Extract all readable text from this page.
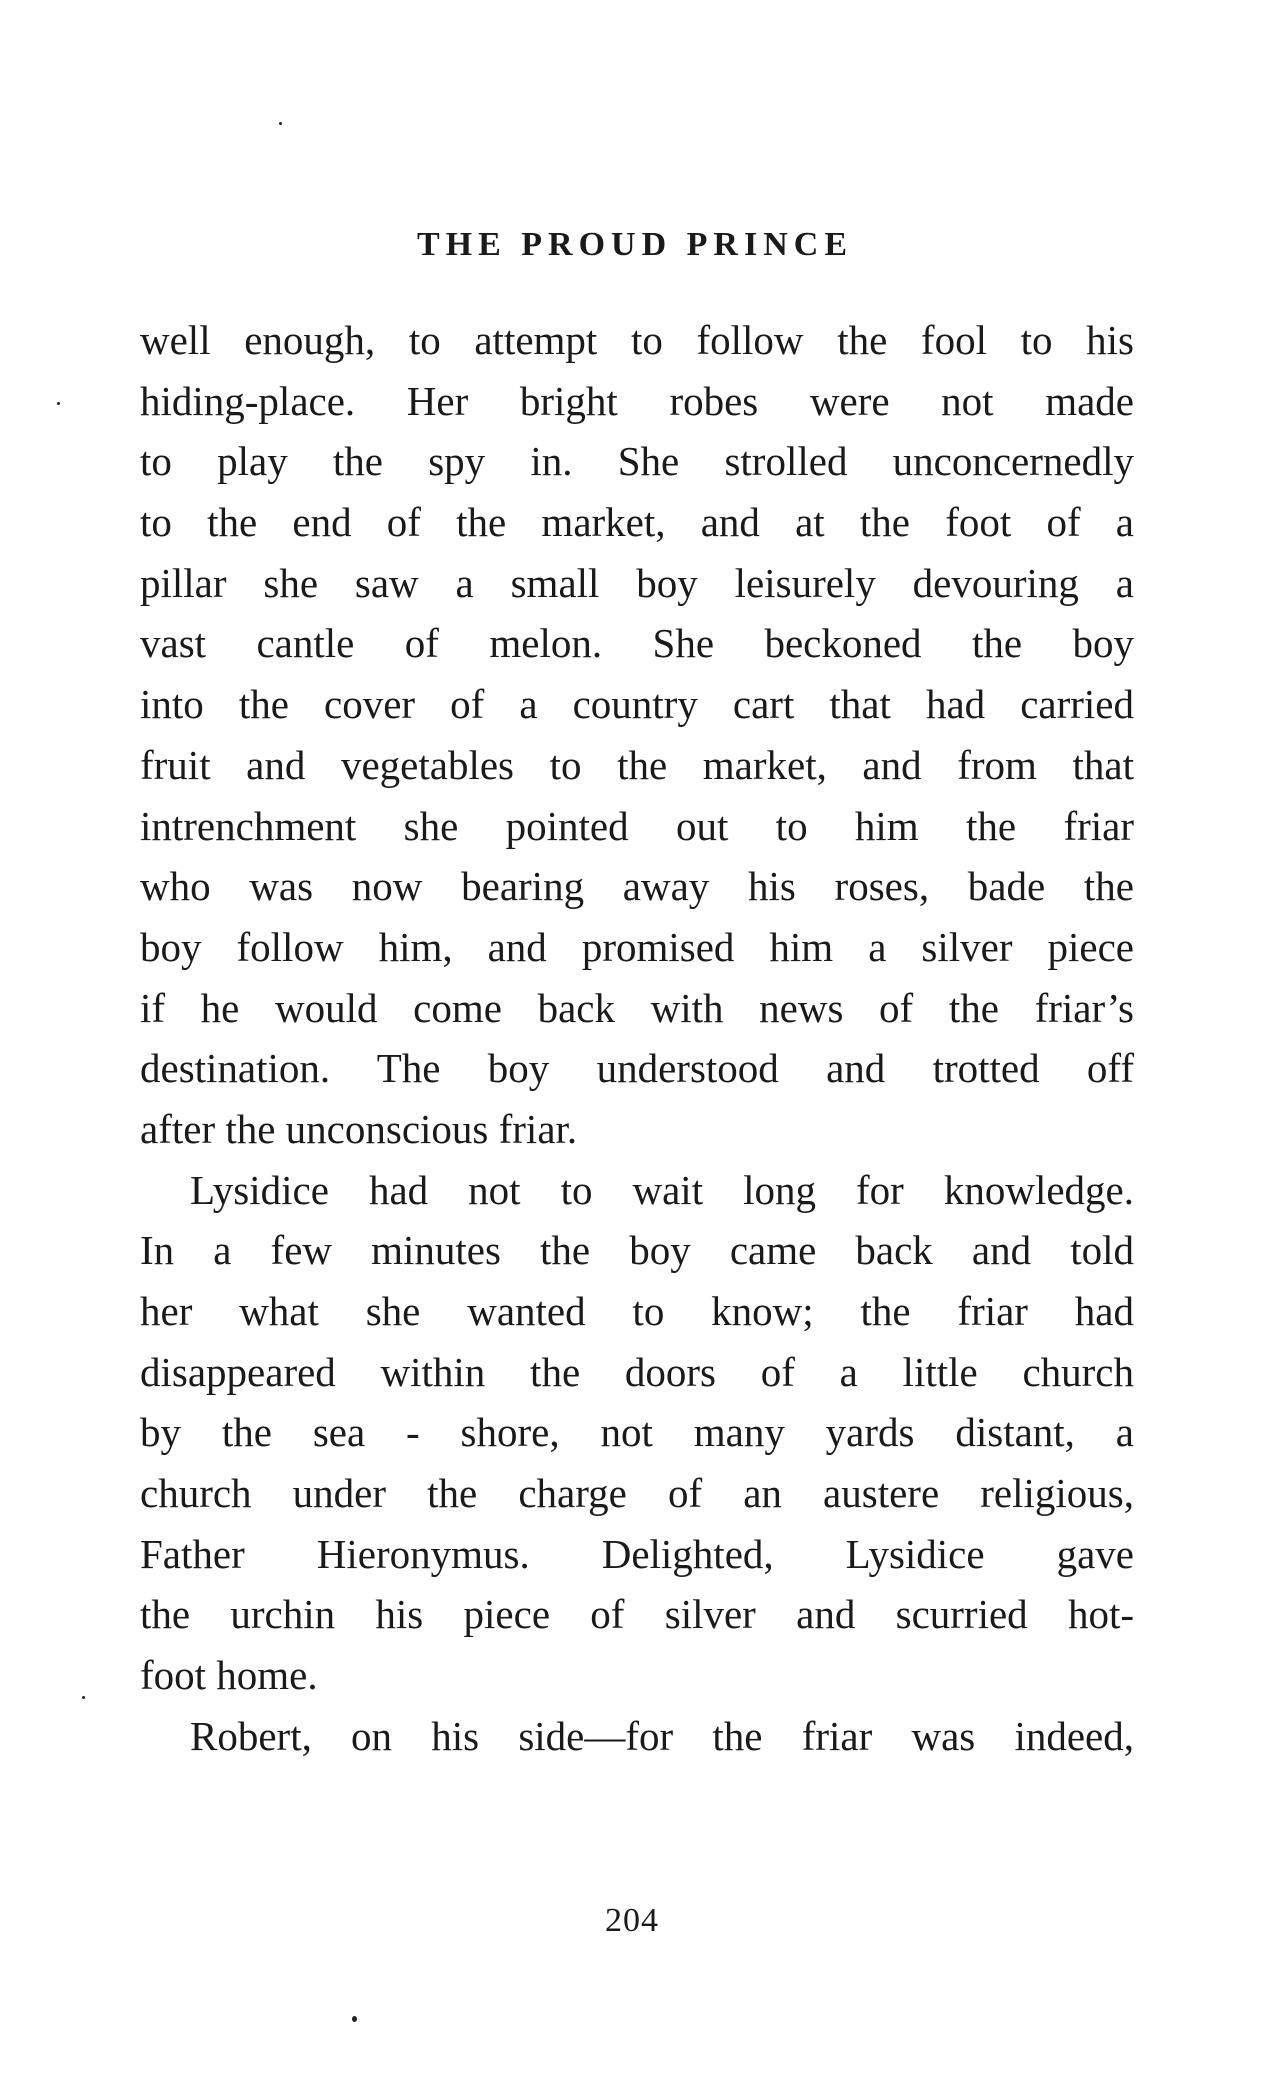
THE PROUD PRINCE
well enough, to attempt to follow the fool to his
hiding-place. Her bright robes were not made
to play the spy in. She strolled unconcernedly
to the end of the market, and at the foot of a
pillar she saw a small boy leisurely devouring a
vast cantle of melon. She beckoned the boy
into the cover of a country cart that had carried
fruit and vegetables to the market, and from that
intrenchment she pointed out to him the friar
who was now bearing away his roses, bade the
boy follow him, and promised him a silver piece
if he would come back with news of the friar’s
destination. The boy understood and trotted off
after the unconscious friar.
Lysidice had not to wait long for knowledge.
In a few minutes the boy came back and told
her what she wanted to know; the friar had
disappeared within the doors of a little church
by the sea - shore, not many yards distant, a
church under the charge of an austere religious,
Father Hieronymus. Delighted, Lysidice gave
the urchin his piece of silver and scurried hot-
foot home.
Robert, on his side—for the friar was indeed,
204
